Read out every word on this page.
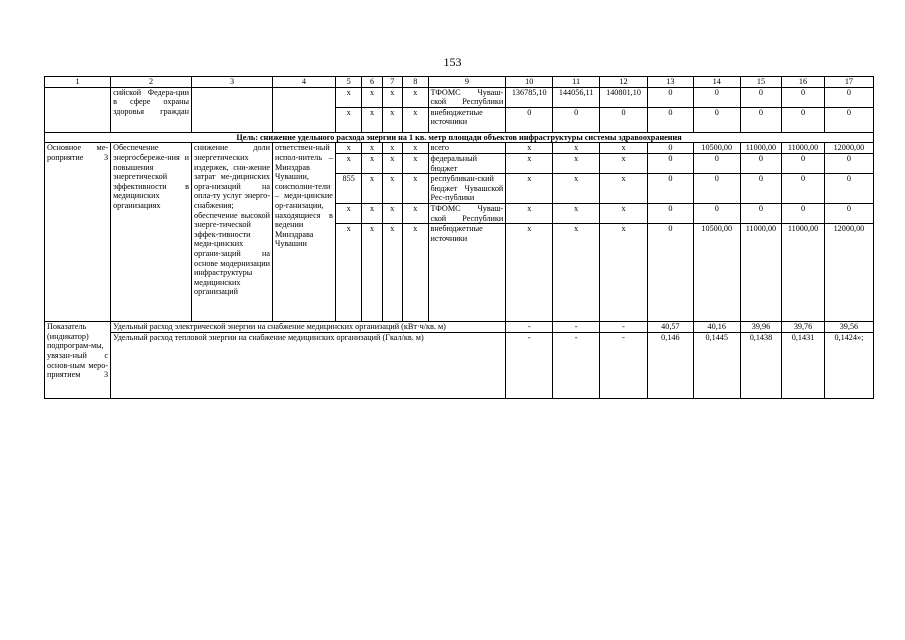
153
1	2	3	4	5	6	7	8	9	10	11	12	13	14	15	16	17
	сийской Федера-ции в сфере охраны здоровья граждан			x	x	x	x	ТФОМС Чуваш-ской Республики	136785,10	144056,11	140801,10	0	0	0	0	0
				x	x	x	x	внебюджетные источники	0	0	0	0	0	0	0	0
Цель: снижение удельного расхода энергии на 1 кв. метр площади объектов инфраструктуры системы здравоохранения																
Основное ме-роприятие 3	Обеспечение энергосбереже-ния и повышения энергетической эффективности в медицинских организациях	снижение доли энергетических издержек, сни-жение затрат ме-дицинских орга-низаций на опла-ту услуг энерго-снабжения; обеспечение высокой энерге-тической эффек-тивности меди-цинских органи-заций на основе модернизации инфраструктуры медицинских организаций	ответствен-ный испол-нитель – Минздрав Чувашии, соисполни-тели – меди-цинские ор-ганизации, находящиеся в ведении Минздрава Чувашии	x	x	x	x	всего	x	x	x	0	10500,00	11000,00	11000,00	12000,00
				x	x	x	x	федеральный бюджет	x	x	x	0	0	0	0	0
				855	x	x	x	республикан-ский бюджет Чувашской Рес-публики	x	x	x	0	0	0	0	0
				x	x	x	x	ТФОМС Чуваш-ской Республики	x	x	x	0	0	0	0	0
				x	x	x	x	внебюджетные источники	x	x	x	0	10500,00	11000,00	11000,00	12000,00
Показатель (индикатор) подпрограм-мы, увязан-ный с основ-ным меро-приятием 3	Удельный расход электрической энергии на снабжение медицинских организаций (кВт·ч/кв. м)								-	-	-	40,57	40,16	39,96	39,76	39,56
	Удельный расход тепловой энергии на снабжение медицинских организаций (Гкал/кв. м)								-	-	-	0,146	0,1445	0,1438	0,1431	0,1424»;
